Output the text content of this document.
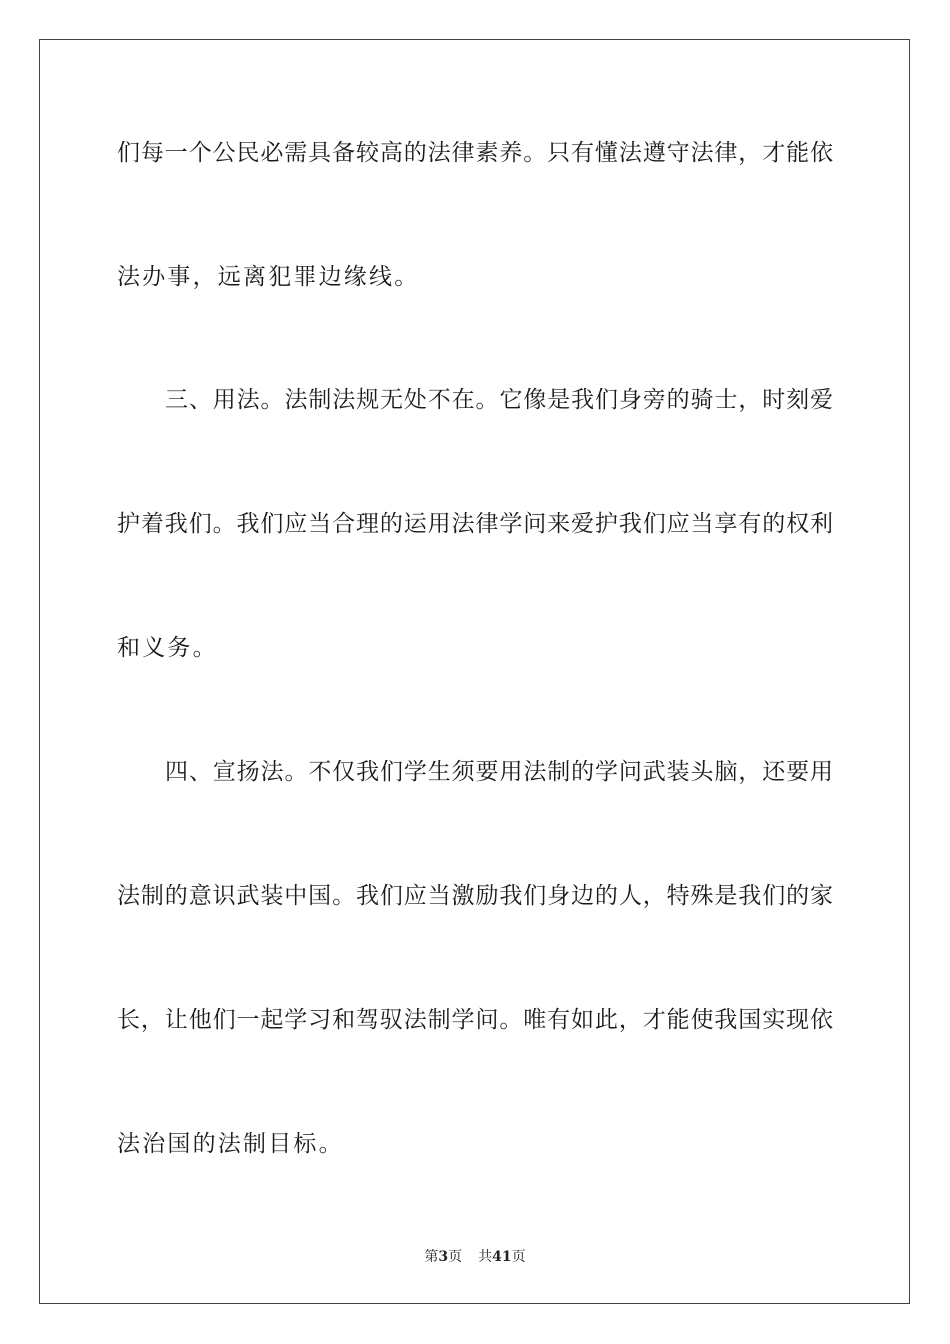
们每一个公民必需具备较高的法律素养。只有懂法遵守法律，才能依

法办事，远离犯罪边缘线。

三、用法。法制法规无处不在。它像是我们身旁的骑士，时刻爱

护着我们。我们应当合理的运用法律学问来爱护我们应当享有的权利

和义务。

四、宣扬法。不仅我们学生须要用法制的学问武装头脑，还要用

法制的意识武装中国。我们应当激励我们身边的人，特殊是我们的家

长，让他们一起学习和驾驭法制学问。唯有如此，才能使我国实现依

法治国的法制目标。

第3页 共41页
